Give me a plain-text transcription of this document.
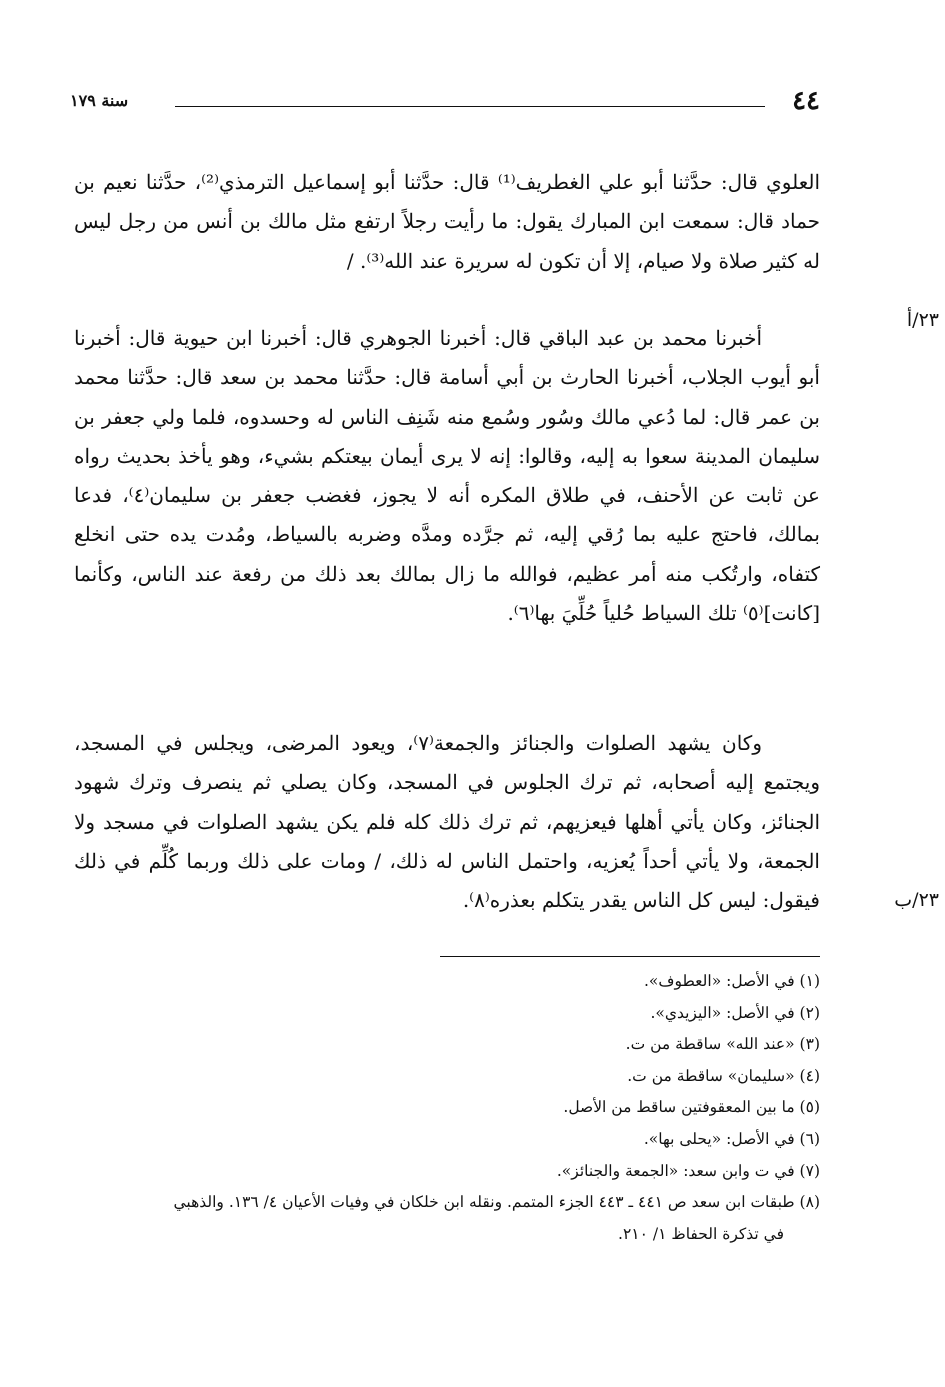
٤٤
سنة ١٧٩

العلوي قال: حدَّثنا أبو علي الغطريف⁽¹⁾ قال: حدَّثنا أبو إسماعيل الترمذي⁽²⁾، حدَّثنا نعيم بن حماد قال: سمعت ابن المبارك يقول: ما رأيت رجلاً ارتفع مثل مالك بن أنس من رجل ليس له كثير صلاة ولا صيام، إلا أن تكون له سريرة عند الله⁽³⁾. /

٢٣/أ

أخبرنا محمد بن عبد الباقي قال: أخبرنا الجوهري قال: أخبرنا ابن حيوية قال: أخبرنا أبو أيوب الجلاب، أخبرنا الحارث بن أبي أسامة قال: حدَّثنا محمد بن سعد قال: حدَّثنا محمد بن عمر قال: لما دُعي مالك وسُور وسُمع منه شَنِف الناس له وحسدوه، فلما ولي جعفر بن سليمان المدينة سعوا به إليه، وقالوا: إنه لا يرى أيمان بيعتكم بشيء، وهو يأخذ بحديث رواه عن ثابت عن الأحنف، في طلاق المكره أنه لا يجوز، فغضب جعفر بن سليمان⁽٤⁾، فدعا بمالك، فاحتج عليه بما رُقي إليه، ثم جرَّده ومدَّه وضربه بالسياط، ومُدت يده حتى انخلع كتفاه، وارتُكب منه أمر عظيم، فوالله ما زال بمالك بعد ذلك من رفعة عند الناس، وكأنما [كانت]⁽٥⁾ تلك السياط حُلياً حُلِّيَ بها⁽٦⁾.

وكان يشهد الصلوات والجنائز والجمعة⁽٧⁾، ويعود المرضى، ويجلس في المسجد، ويجتمع إليه أصحابه، ثم ترك الجلوس في المسجد، وكان يصلي ثم ينصرف وترك شهود الجنائز، وكان يأتي أهلها فيعزيهم، ثم ترك ذلك كله فلم يكن يشهد الصلوات في مسجد ولا الجمعة، ولا يأتي أحداً يُعزيه، واحتمل الناس له ذلك، / ومات على ذلك وربما كُلِّم في ذلك فيقول: ليس كل الناس يقدر يتكلم بعذره⁽٨⁾.	٢٣/ب
(١) في الأصل: «العطوف».
(٢) في الأصل: «اليزيدي».
(٣) «عند الله» ساقطة من ت.
(٤) «سليمان» ساقطة من ت.
(٥) ما بين المعقوفتين ساقط من الأصل.
(٦) في الأصل: «يحلى بها».
(٧) في ت وابن سعد: «الجمعة والجنائز».
(٨) طبقات ابن سعد ص ٤٤١ ـ ٤٤٣ الجزء المتمم. ونقله ابن خلكان في وفيات الأعيان ٤/ ١٣٦. والذهبي
في تذكرة الحفاظ ١/ ٢١٠.
